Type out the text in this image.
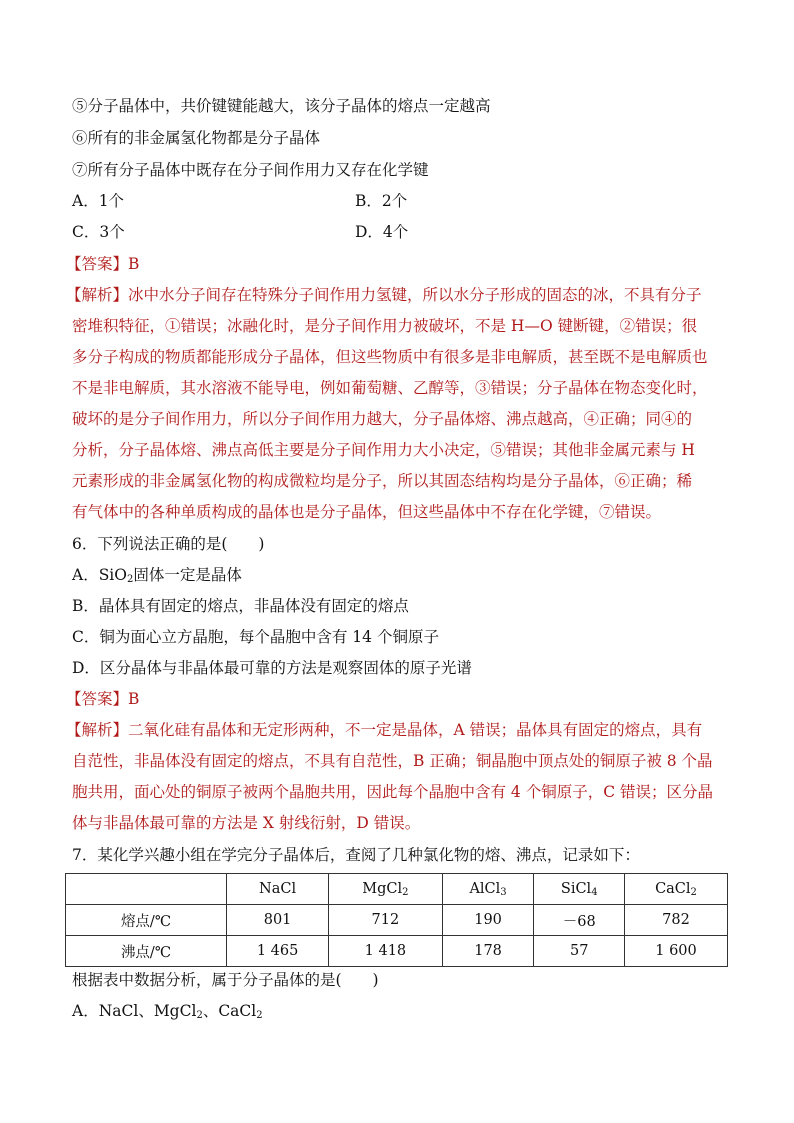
⑤分子晶体中，共价键键能越大，该分子晶体的熔点一定越高
⑥所有的非金属氢化物都是分子晶体
⑦所有分子晶体中既存在分子间作用力又存在化学键
A．1个	B．2个
C．3个	D．4个
【答案】B
【解析】冰中水分子间存在特殊分子间作用力氢键，所以水分子形成的固态的冰，不具有分子
密堆积特征，①错误；冰融化时，是分子间作用力被破坏，不是 H—O 键断键，②错误；很
多分子构成的物质都能形成分子晶体，但这些物质中有很多是非电解质，甚至既不是电解质也
不是非电解质，其水溶液不能导电，例如葡萄糖、乙醇等，③错误；分子晶体在物态变化时，
破坏的是分子间作用力，所以分子间作用力越大，分子晶体熔、沸点越高，④正确；同④的
分析，分子晶体熔、沸点高低主要是分子间作用力大小决定，⑤错误；其他非金属元素与 H
元素形成的非金属氢化物的构成微粒均是分子，所以其固态结构均是分子晶体，⑥正确；稀
有气体中的各种单质构成的晶体也是分子晶体，但这些晶体中不存在化学键，⑦错误。
6．下列说法正确的是(　　)
A．SiO$_2$固体一定是晶体
B．晶体具有固定的熔点，非晶体没有固定的熔点
C．铜为面心立方晶胞，每个晶胞中含有 14 个铜原子
D．区分晶体与非晶体最可靠的方法是观察固体的原子光谱
【答案】B
【解析】二氧化硅有晶体和无定形两种，不一定是晶体，A 错误；晶体具有固定的熔点，具有
自范性，非晶体没有固定的熔点，不具有自范性，B 正确；铜晶胞中顶点处的铜原子被 8 个晶
胞共用，面心处的铜原子被两个晶胞共用，因此每个晶胞中含有 4 个铜原子，C 错误；区分晶
体与非晶体最可靠的方法是 X 射线衍射，D 错误。
7．某化学兴趣小组在学完分子晶体后，查阅了几种氯化物的熔、沸点，记录如下：
	NaCl	MgCl$_2$	AlCl$_3$	SiCl$_4$	CaCl$_2$
熔点/℃	801	712	190	－68	782
沸点/℃	1 465	1 418	178	57	1 600
根据表中数据分析，属于分子晶体的是(　　)
A．NaCl、MgCl$_2$、CaCl$_2$
